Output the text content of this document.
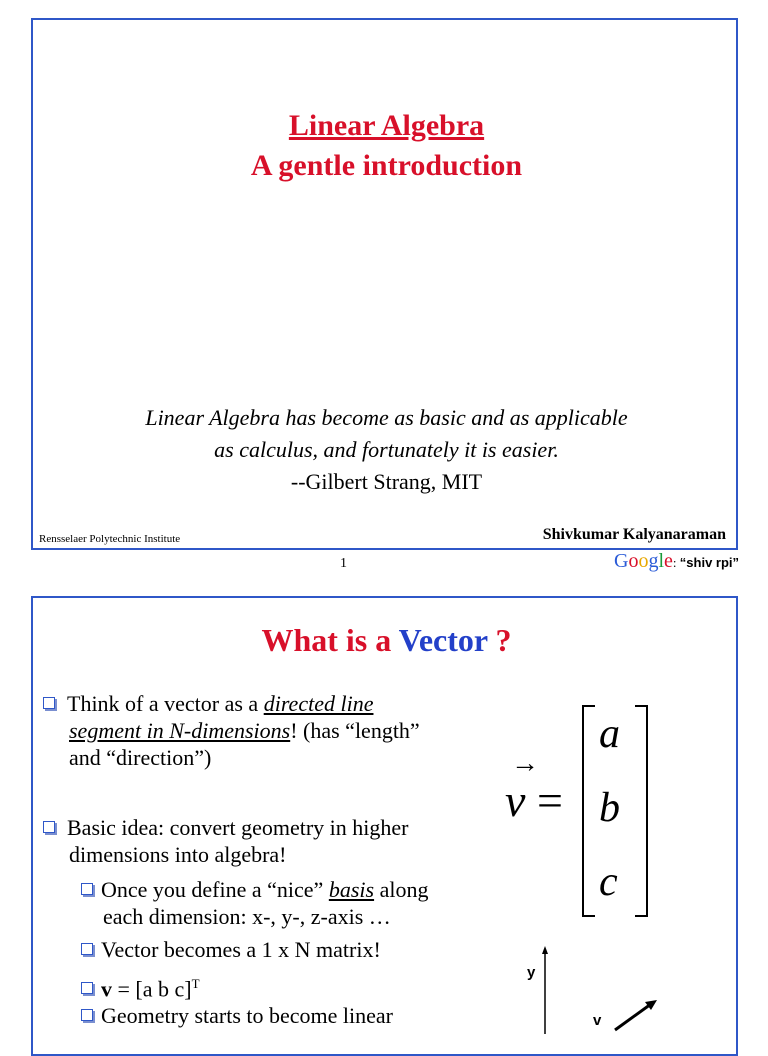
Linear Algebra
A gentle introduction
Linear Algebra has become as basic and as applicable
as calculus, and fortunately it is easier.
--Gilbert Strang, MIT
Rensselaer Polytechnic Institute	Shivkumar Kalyanaraman
1	Google: “shiv rpi”
What is a Vector ?
Think of a vector as a directed line
segment in N-dimensions! (has “length”
and “direction”)
Basic idea: convert geometry in higher
dimensions into algebra!
Once you define a “nice” basis along
each dimension: x-, y-, z-axis …
Vector becomes a 1 x N matrix!
v = [a b c]$^T$
Geometry starts to become linear
→
v =
a
b
c
y
v
